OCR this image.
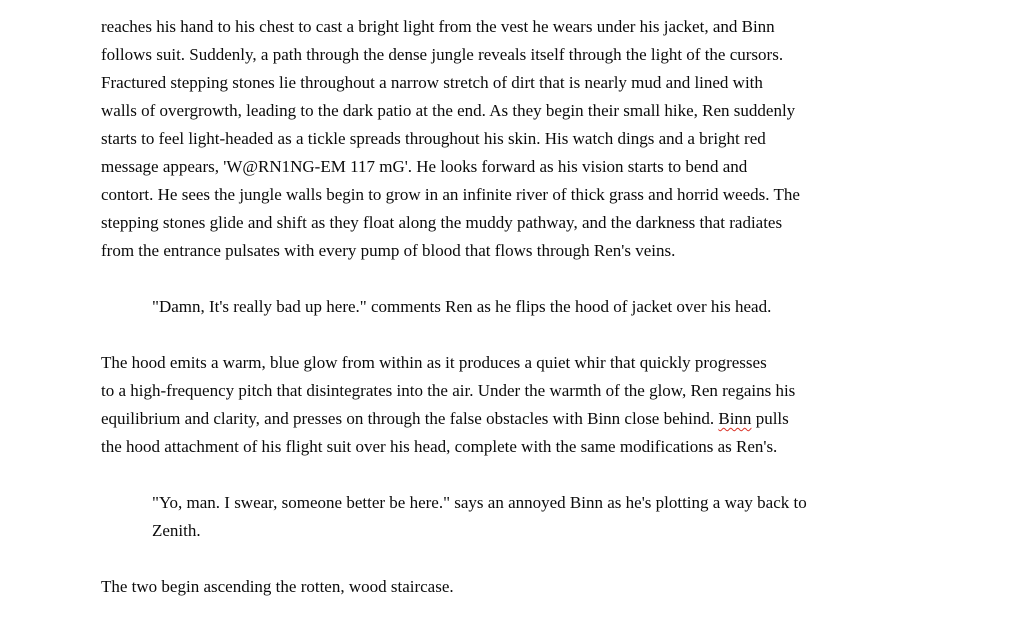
reaches his hand to his chest to cast a bright light from the vest he wears under his jacket, and Binn
follows suit. Suddenly, a path through the dense jungle reveals itself through the light of the cursors.
Fractured stepping stones lie throughout a narrow stretch of dirt that is nearly mud and lined with
walls of overgrowth, leading to the dark patio at the end. As they begin their small hike, Ren suddenly
starts to feel light-headed as a tickle spreads throughout his skin. His watch dings and a bright red
message appears, 'W@RN1NG-EM 117 mG'. He looks forward as his vision starts to bend and
contort. He sees the jungle walls begin to grow in an infinite river of thick grass and horrid weeds. The
stepping stones glide and shift as they float along the muddy pathway, and the darkness that radiates
from the entrance pulsates with every pump of blood that flows through Ren's veins.
"Damn, It's really bad up here." comments Ren as he flips the hood of jacket over his head.
The hood emits a warm, blue glow from within as it produces a quiet whir that quickly progresses
to a high-frequency pitch that disintegrates into the air. Under the warmth of the glow, Ren regains his
equilibrium and clarity, and presses on through the false obstacles with Binn close behind. Binn pulls
the hood attachment of his flight suit over his head, complete with the same modifications as Ren's.
"Yo, man. I swear, someone better be here." says an annoyed Binn as he's plotting a way back to
Zenith.
The two begin ascending the rotten, wood staircase.
